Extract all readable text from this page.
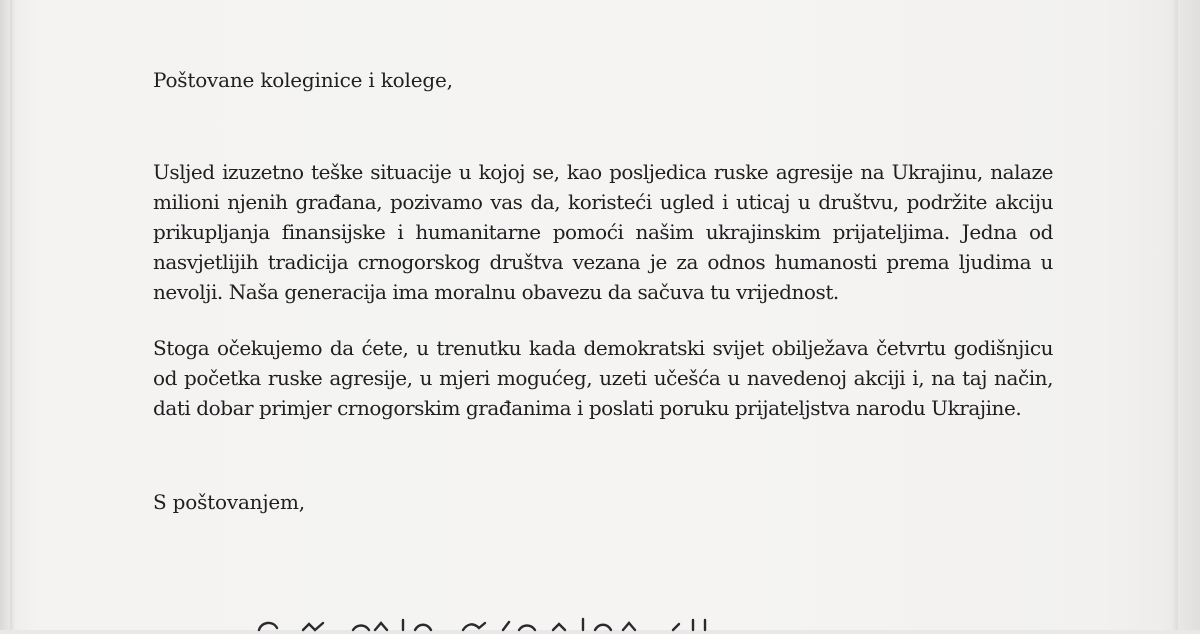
Poštovane koleginice i kolege,
Usljed izuzetno teške situacije u kojoj se, kao posljedica ruske agresije na Ukrajinu, nalaze
milioni njenih građana, pozivamo vas da, koristeći ugled i uticaj u društvu, podržite akciju
prikupljanja finansijske i humanitarne pomoći našim ukrajinskim prijateljima. Jedna od
nasvjetlijih tradicija crnogorskog društva vezana je za odnos humanosti prema ljudima u
nevolji. Naša generacija ima moralnu obavezu da sačuva tu vrijednost.
Stoga očekujemo da ćete, u trenutku kada demokratski svijet obilježava četvrtu godišnjicu
od početka ruske agresije, u mjeri mogućeg, uzeti učešća u navedenoj akciji i, na taj način,
dati dobar primjer crnogorskim građanima i poslati poruku prijateljstva narodu Ukrajine.
S poštovanjem,
